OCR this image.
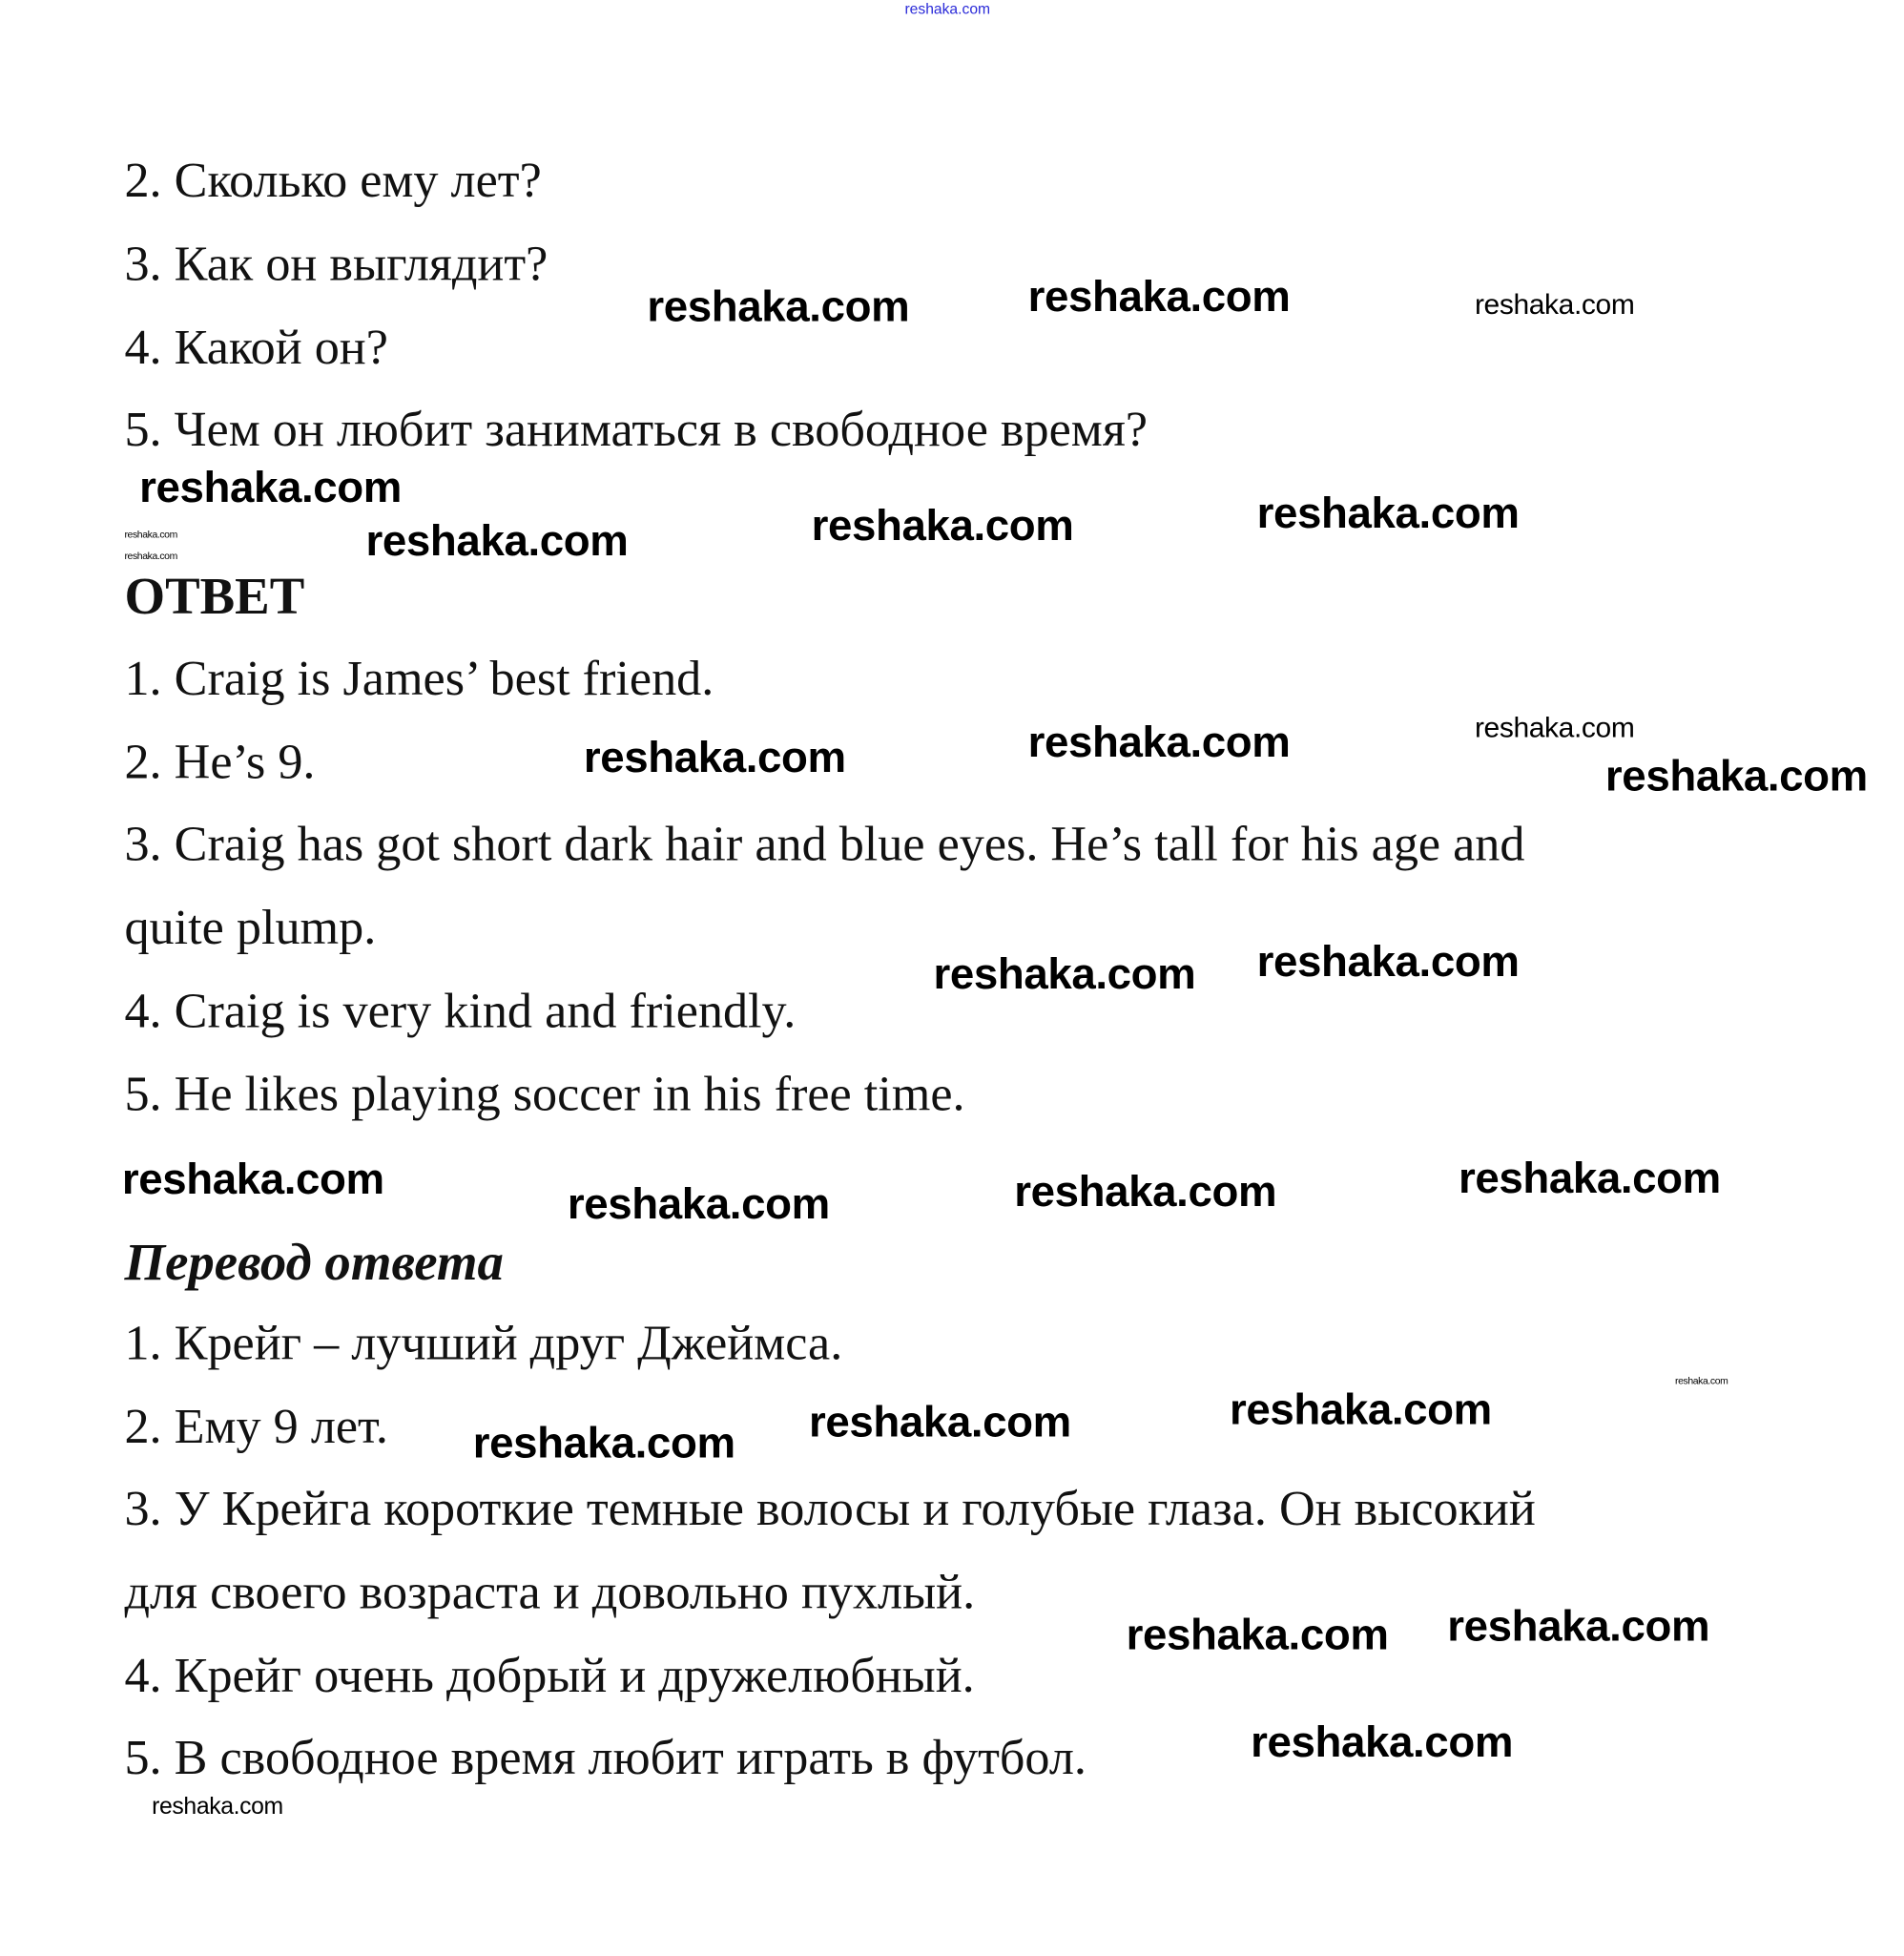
reshaka.com
2. Сколько ему лет?
3. Как он выглядит?
4. Какой он?
5. Чем он любит заниматься в свободное время?
ОТВЕТ
1. Craig is James’ best friend.
2. He’s 9.
3. Craig has got short dark hair and blue eyes. He’s tall for his age and
quite plump.
4. Craig is very kind and friendly.
5. He likes playing soccer in his free time.
Перевод ответа
1. Крейг – лучший друг Джеймса.
2. Ему 9 лет.
3. У Крейга короткие темные волосы и голубые глаза. Он высокий
для своего возраста и довольно пухлый.
4. Крейг очень добрый и дружелюбный.
5. В свободное время любит играть в футбол.
reshaka.com
reshaka.com	reshaka.com	reshaka.com
reshaka.com	reshaka.com	reshaka.com	reshaka.com
reshaka.com
reshaka.com
reshaka.com	reshaka.com
reshaka.com
reshaka.com reshaka.com
reshaka.com
reshaka.com	reshaka.com
reshaka.com
reshaka.com
reshaka.com
reshaka.com
reshaka.com
reshaka.com
reshaka.com
reshaka.com
reshaka.com
